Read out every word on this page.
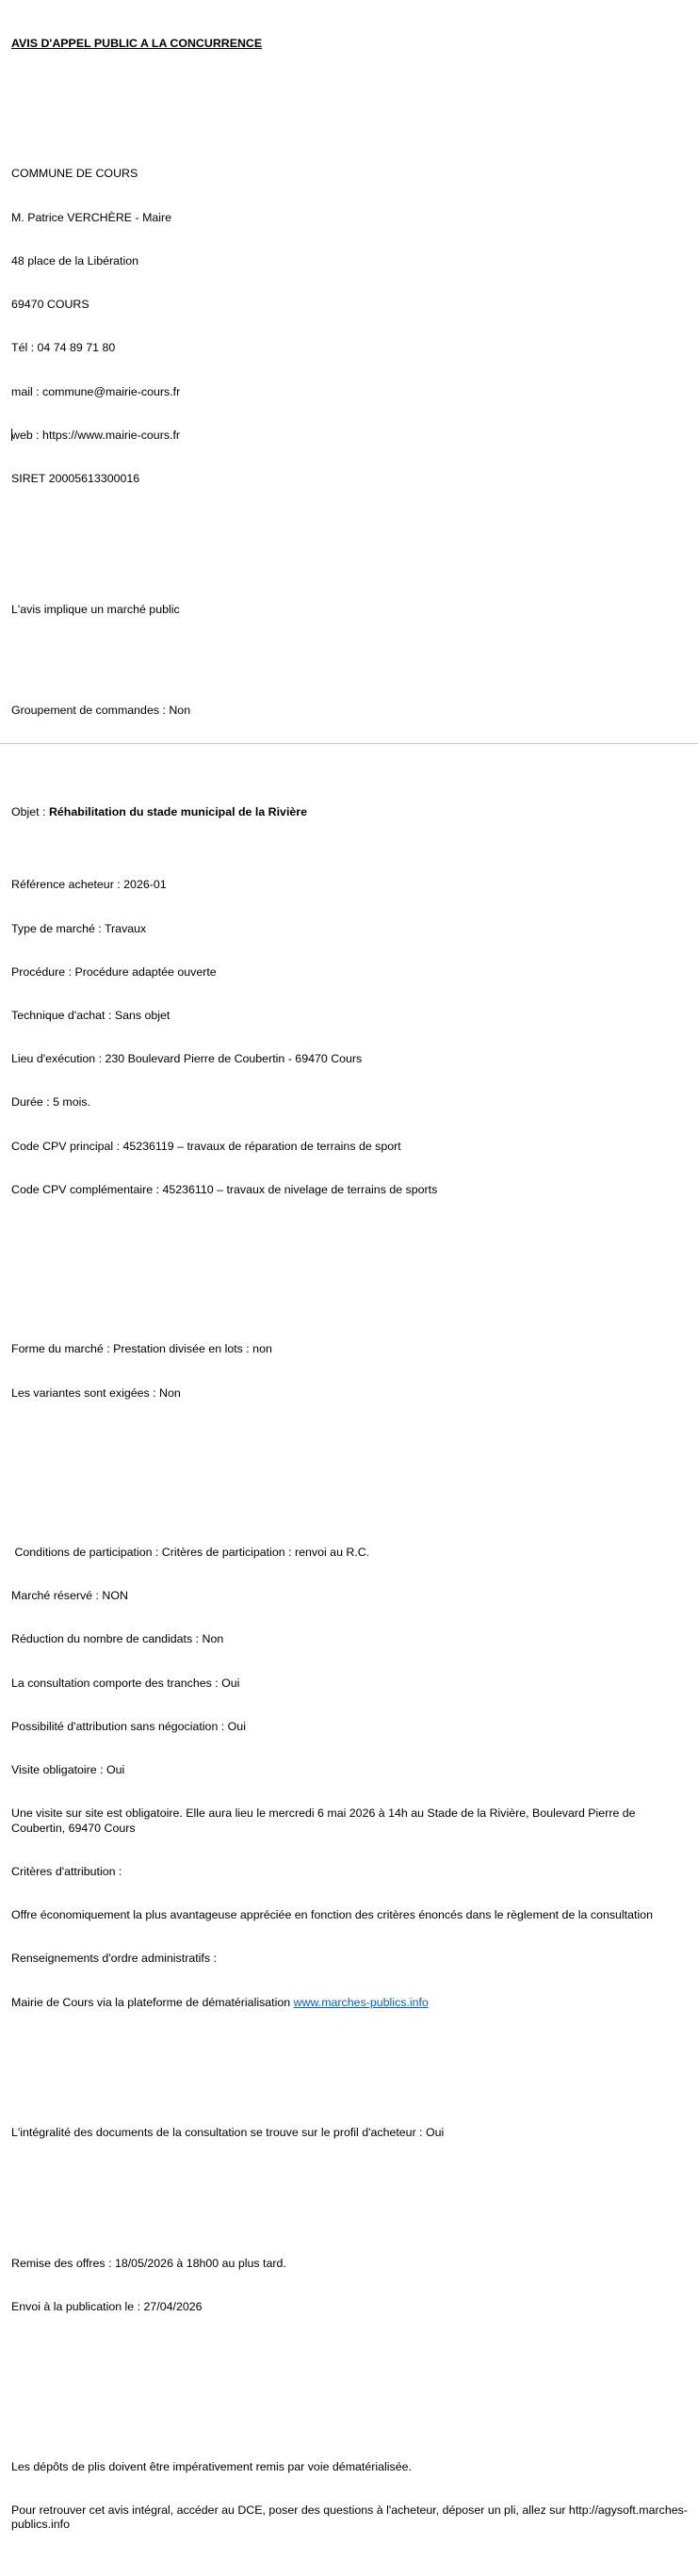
AVIS D'APPEL PUBLIC A LA CONCURRENCE

COMMUNE DE COURS

M. Patrice VERCHÈRE - Maire

48 place de la Libération

69470 COURS

Tél : 04 74 89 71 80

mail : commune@mairie-cours.fr

web : https://www.mairie-cours.fr

SIRET 20005613300016

L'avis implique un marché public

Groupement de commandes : Non

Objet : Réhabilitation du stade municipal de la Rivière

Référence acheteur : 2026-01

Type de marché : Travaux

Procédure : Procédure adaptée ouverte

Technique d'achat : Sans objet

Lieu d'exécution : 230 Boulevard Pierre de Coubertin - 69470 Cours

Durée : 5 mois.

Code CPV principal : 45236119 – travaux de réparation de terrains de sport

Code CPV complémentaire : 45236110 – travaux de nivelage de terrains de sports

Forme du marché : Prestation divisée en lots : non

Les variantes sont exigées : Non

Conditions de participation : Critères de participation : renvoi au R.C.

Marché réservé : NON

Réduction du nombre de candidats : Non

La consultation comporte des tranches : Oui

Possibilité d'attribution sans négociation : Oui

Visite obligatoire : Oui

Une visite sur site est obligatoire. Elle aura lieu le mercredi 6 mai 2026 à 14h au Stade de la Rivière, Boulevard Pierre de Coubertin, 69470 Cours

Critères d'attribution :

Offre économiquement la plus avantageuse appréciée en fonction des critères énoncés dans le règlement de la consultation

Renseignements d'ordre administratifs :

Mairie de Cours via la plateforme de dématérialisation www.marches-publics.info

L'intégralité des documents de la consultation se trouve sur le profil d'acheteur : Oui

Remise des offres : 18/05/2026 à 18h00 au plus tard.

Envoi à la publication le : 27/04/2026

Les dépôts de plis doivent être impérativement remis par voie dématérialisée.

Pour retrouver cet avis intégral, accéder au DCE, poser des questions à l'acheteur, déposer un pli, allez sur http://agysoft.marches-publics.info
